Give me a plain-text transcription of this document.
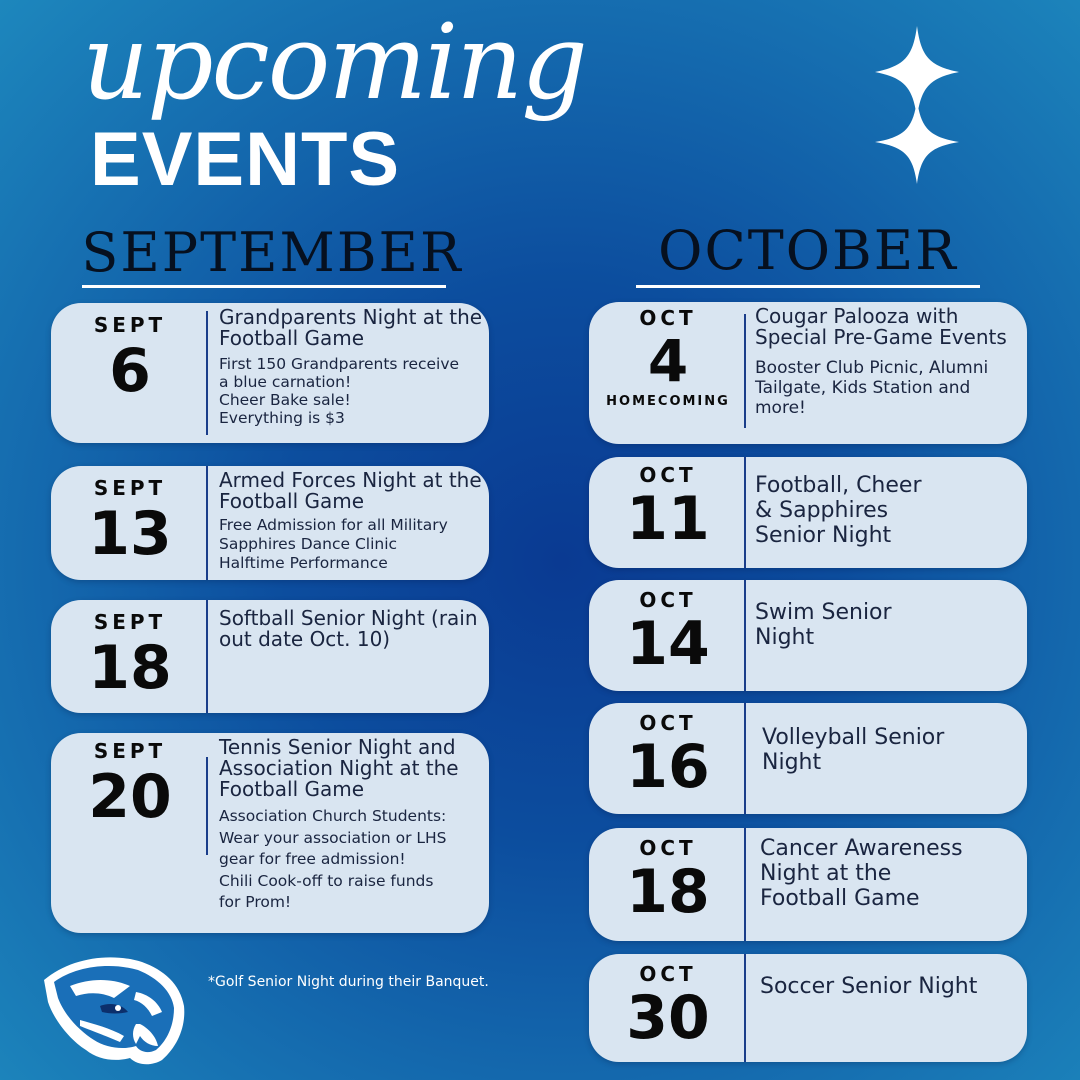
upcoming
EVENTS
SEPTEMBER	OCTOBER
SEPT
6
Grandparents Night at the Football Game
First 150 Grandparents receive
a blue carnation!
Cheer Bake sale!
Everything is $3
SEPT
13
Armed Forces Night at the Football Game
Free Admission for all Military
Sapphires Dance Clinic
Halftime Performance
SEPT
18
Softball Senior Night (rain out date Oct. 10)
SEPT
20
Tennis Senior Night and Association Night at the Football Game
Association Church Students:
Wear your association or LHS
gear for free admission!
Chili Cook-off to raise funds
for Prom!
*Golf Senior Night during their Banquet.
OCT
4
HOMECOMING
Cougar Palooza with Special Pre-Game Events
Booster Club Picnic, Alumni
Tailgate, Kids Station and
more!
OCT
11 Football, Cheer & Sapphires Senior Night
OCT
14 Swim Senior Night
OCT
16 Volleyball Senior Night
OCT
18
Cancer Awareness Night at the Football Game
OCT
30 Soccer Senior Night
